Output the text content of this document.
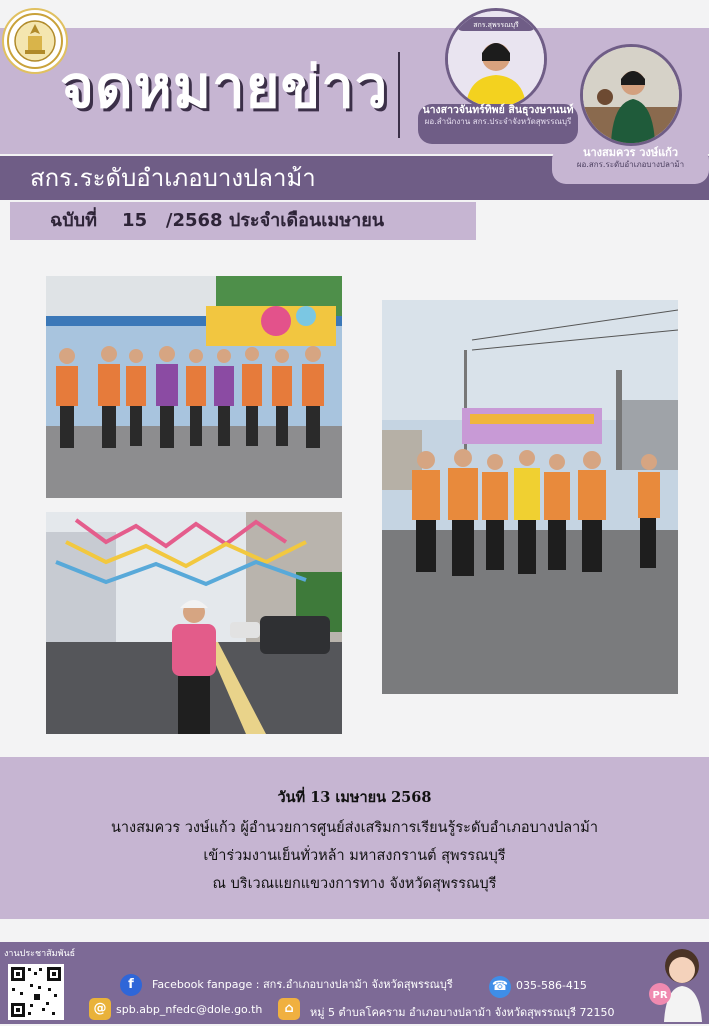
จดหมายข่าว
สกร.ระดับอำเภอบางปลาม้า
ฉบับที่    15   /2568 ประจำเดือนเมษายน
สกร.สุพรรณบุรี
นางสาวจันทร์ทิพย์ สินธุวงษานนท์
ผอ.สำนักงาน สกร.ประจำจังหวัดสุพรรณบุรี
นางสมควร วงษ์แก้ว
ผอ.สกร.ระดับอำเภอบางปลาม้า
วันที่ 13 เมษายน 2568
นางสมควร วงษ์แก้ว ผู้อำนวยการศูนย์ส่งเสริมการเรียนรู้ระดับอำเภอบางปลาม้า
เข้าร่วมงานเย็นทั่วหล้า มหาสงกรานต์ สุพรรณบุรี
ณ บริเวณแยกแขวงการทาง จังหวัดสุพรรณบุรี
งานประชาสัมพันธ์
f	Facebook fanpage : สกร.อำเภอบางปลาม้า จังหวัดสุพรรณบุรี	☎ 035-586-415
@ spb.abp_nfedc@dole.go.th	⌂	หมู่ 5 ตำบลโคคราม อำเภอบางปลาม้า จังหวัดสุพรรณบุรี 72150
PR
